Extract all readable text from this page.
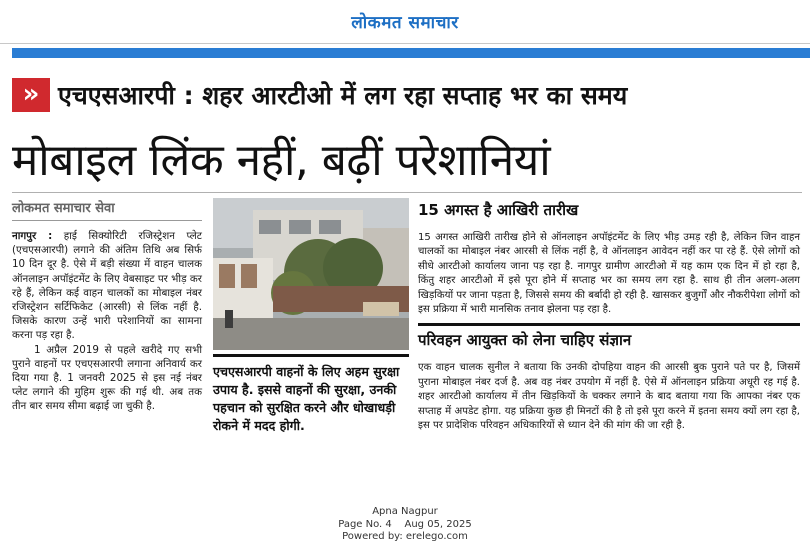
लोकमत समाचार
» एचएसआरपी : शहर आरटीओ में लग रहा सप्ताह भर का समय
मोबाइल लिंक नहीं, बढ़ीं परेशानियां
लोकमत समाचार सेवा

नागपुर : हाई सिक्योरिटी रजिस्ट्रेशन प्लेट (एचएसआरपी) लगाने की अंतिम तिथि अब सिर्फ 10 दिन दूर है. ऐसे में बड़ी संख्या में वाहन चालक ऑनलाइन अपॉइंटमेंट के लिए वेबसाइट पर भीड़ कर रहे हैं, लेकिन कई वाहन चालकों का मोबाइल नंबर रजिस्ट्रेशन सर्टिफिकेट (आरसी) से लिंक नहीं है. जिसके कारण उन्हें भारी परेशानियों का सामना करना पड़ रहा है.

1 अप्रैल 2019 से पहले खरीदे गए सभी पुराने वाहनों पर एचएसआरपी लगाना अनिवार्य कर दिया गया है. 1 जनवरी 2025 से इस नई नंबर प्लेट लगाने की मुहिम शुरू की गई थी. अब तक तीन बार समय सीमा बढ़ाई जा चुकी है.

एचएसआरपी वाहनों के लिए अहम सुरक्षा उपाय है. इससे वाहनों की सुरक्षा, उनकी पहचान को सुरक्षित करने और धोखाधड़ी रोकने में मदद होगी.
15 अगस्त है आखिरी तारीख
15 अगस्त आखिरी तारीख होने से ऑनलाइन अपॉइंटमेंट के लिए भीड़ उमड़ रही है, लेकिन जिन वाहन चालकों का मोबाइल नंबर आरसी से लिंक नहीं है, वे ऑनलाइन आवेदन नहीं कर पा रहे हैं. ऐसे लोगों को सीधे आरटीओ कार्यालय जाना पड़ रहा है. नागपुर ग्रामीण आरटीओ में यह काम एक दिन में हो रहा है, किंतु शहर आरटीओ में इसे पूरा होने में सप्ताह भर का समय लग रहा है. साथ ही तीन अलग-अलग खिड़कियों पर जाना पड़ता है, जिससे समय की बर्बादी हो रही है. खासकर बुजुर्गों और नौकरीपेशा लोगों को इस प्रक्रिया में भारी मानसिक तनाव झेलना पड़ रहा है.
परिवहन आयुक्त को लेना चाहिए संज्ञान
एक वाहन चालक सुनील ने बताया कि उनकी दोपहिया वाहन की आरसी बुक पुराने पते पर है, जिसमें पुराना मोबाइल नंबर दर्ज है. अब वह नंबर उपयोग में नहीं है. ऐसे में ऑनलाइन प्रक्रिया अधूरी रह गई है. शहर आरटीओ कार्यालय में तीन खिड़कियों के चक्कर लगाने के बाद बताया गया कि आपका नंबर एक सप्ताह में अपडेट होगा. यह प्रक्रिया कुछ ही मिनटों की है तो इसे पूरा करने में इतना समय क्यों लग रहा है, इस पर प्रादेशिक परिवहन अधिकारियों से ध्यान देने की मांग की जा रही है.
Apna Nagpur
Page No. 4    Aug 05, 2025
Powered by: erelego.com
